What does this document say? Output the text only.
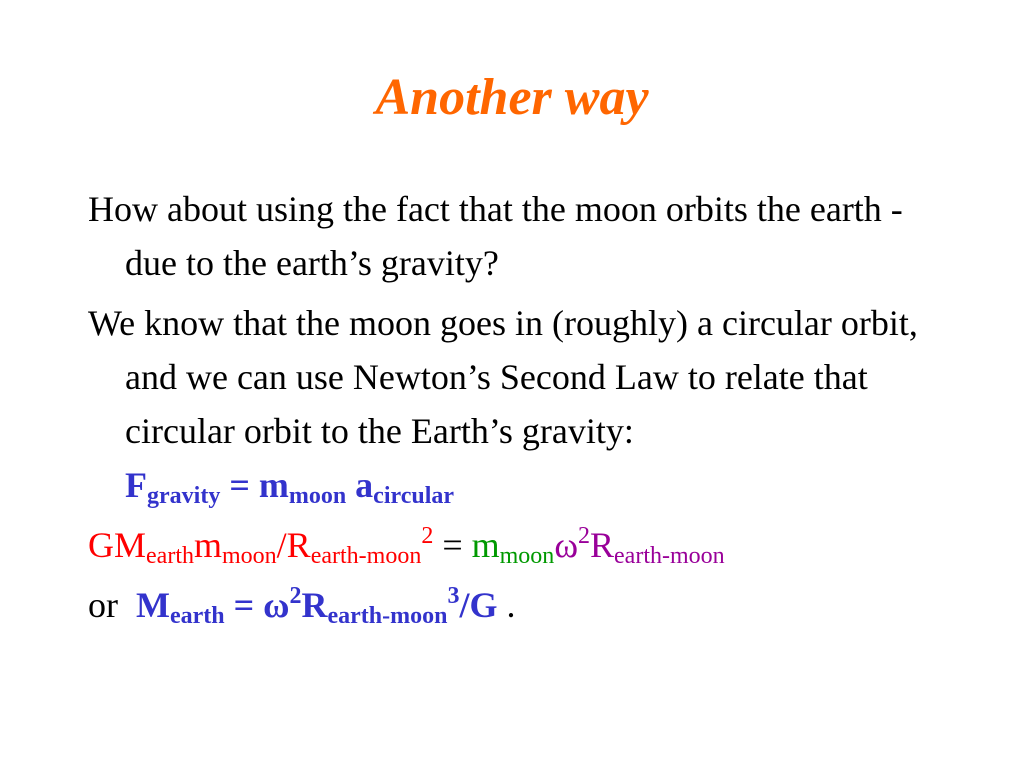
Another way

How about using the fact that the moon orbits the earth - due to the earth’s gravity?

We know that the moon goes in (roughly) a circular orbit, and we can use Newton’s Second Law to relate that circular orbit to the Earth’s gravity:  $F_{gravity} = m_{moon}$ $a_{circular}$

$GM_{earth}m_{moon}/R_{earth-moon}^2 = m_{moon}\omega^2R_{earth-moon}$

or $M_{earth} = \omega^2R_{earth-moon}^3/G$ .
